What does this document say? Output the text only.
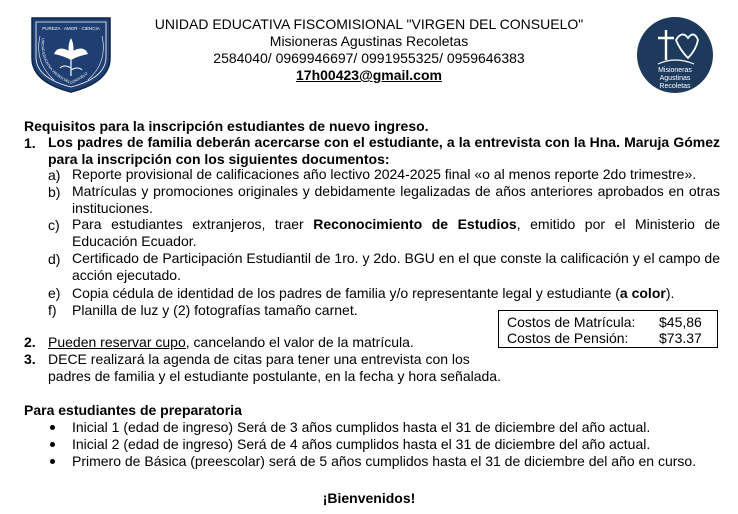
PUREZA · AMOR · CIENCIA
UNIDAD EDUCATIVA VIRGEN DEL CONSUELO
UNIDAD EDUCATIVA FISCOMISIONAL "VIRGEN DEL CONSUELO"
Misioneras Agustinas Recoletas
2584040/ 0969946697/ 0991955325/ 0959646383
17h00423@gmail.com	Misioneras
Agustinas
Recoletas
Requisitos para la inscripción estudiantes de nuevo ingreso.
1. Los padres de familia deberán acercarse con el estudiante, a la entrevista con la Hna. Maruja Gómez para la inscripción con los siguientes documentos:
a) Reporte provisional de calificaciones año lectivo 2024-2025 final «o al menos reporte 2do trimestre».
b) Matrículas y promociones originales y debidamente legalizadas de años anteriores aprobados en otras instituciones.
c) Para estudiantes extranjeros, traer Reconocimiento de Estudios, emitido por el Ministerio de Educación Ecuador.
d) Certificado de Participación Estudiantil de 1ro. y 2do. BGU en el que conste la calificación y el campo de acción ejecutado.
e) Copia cédula de identidad de los padres de familia y/o representante legal y estudiante (a color).
f) Planilla de luz y (2) fotografías tamaño carnet.
Costos de Matrícula: $45,86
Costos de Pensión: $73.37
2. Pueden reservar cupo, cancelando el valor de la matrícula.
3. DECE realizará la agenda de citas para tener una entrevista con los
padres de familia y el estudiante postulante, en la fecha y hora señalada.
Para estudiantes de preparatoria
Inicial 1 (edad de ingreso) Será de 3 años cumplidos hasta el 31 de diciembre del año actual.
Inicial 2 (edad de ingreso) Será de 4 años cumplidos hasta el 31 de diciembre del año actual.
Primero de Básica (preescolar) será de 5 años cumplidos hasta el 31 de diciembre del año en curso.
¡Bienvenidos!
